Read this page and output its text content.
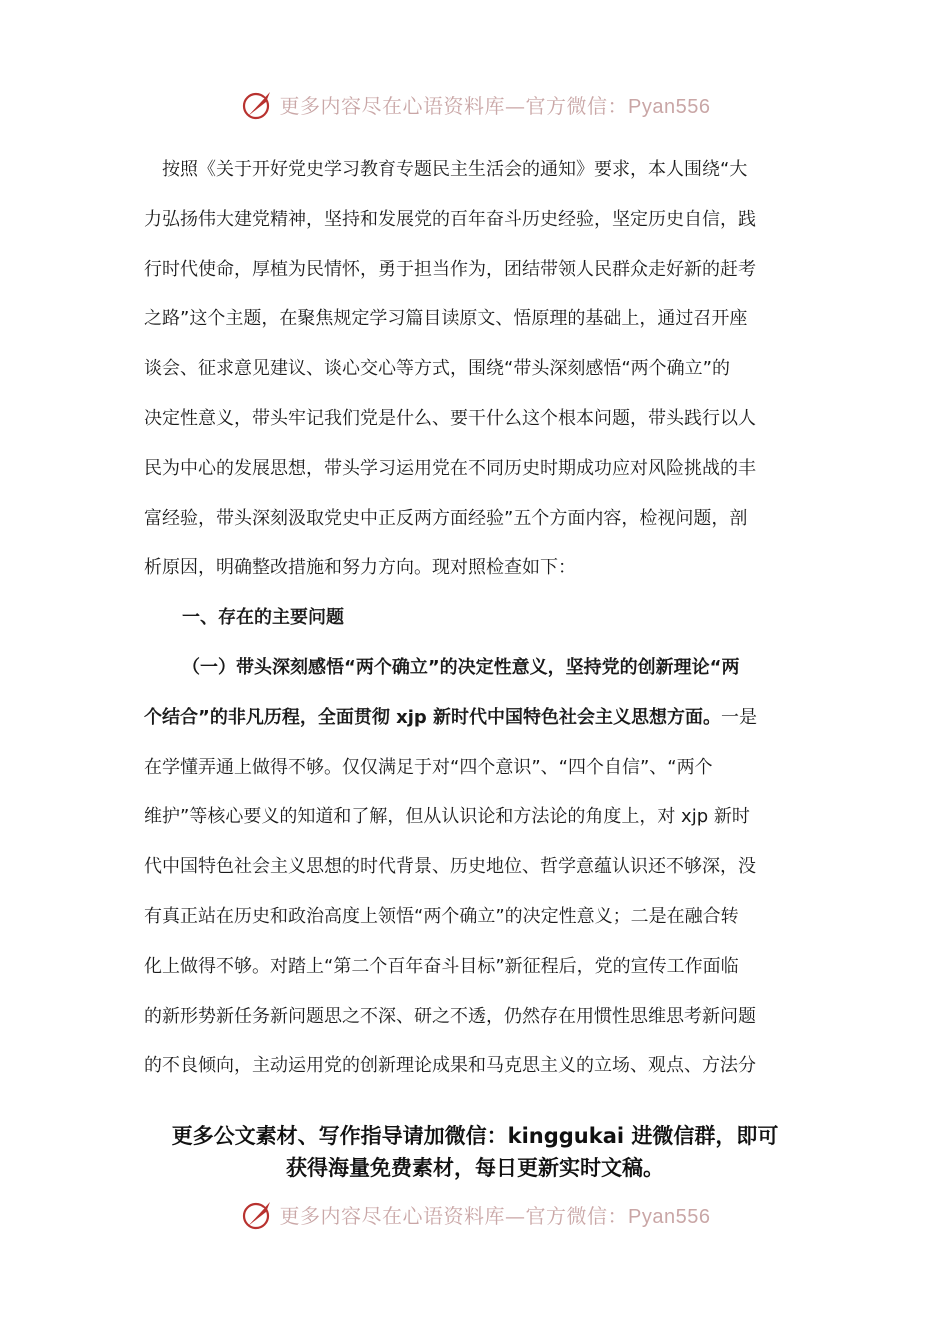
更多内容尽在心语资料库—官方微信：Pyan556

按照《关于开好党史学习教育专题民主生活会的通知》要求，本人围绕“大
力弘扬伟大建党精神，坚持和发展党的百年奋斗历史经验，坚定历史自信，践
行时代使命，厚植为民情怀，勇于担当作为，团结带领人民群众走好新的赶考
之路”这个主题，在聚焦规定学习篇目读原文、悟原理的基础上，通过召开座
谈会、征求意见建议、谈心交心等方式，围绕“带头深刻感悟“两个确立”的
决定性意义，带头牢记我们党是什么、要干什么这个根本问题，带头践行以人
民为中心的发展思想，带头学习运用党在不同历史时期成功应对风险挑战的丰
富经验，带头深刻汲取党史中正反两方面经验”五个方面内容，检视问题，剖
析原因，明确整改措施和努力方向。现对照检查如下：

一、存在的主要问题

（一）带头深刻感悟“两个确立”的决定性意义，坚持党的创新理论“两
个结合”的非凡历程，全面贯彻 xjp 新时代中国特色社会主义思想方面。一是
在学懂弄通上做得不够。仅仅满足于对“四个意识”、“四个自信”、“两个
维护”等核心要义的知道和了解，但从认识论和方法论的角度上，对 xjp 新时
代中国特色社会主义思想的时代背景、历史地位、哲学意蕴认识还不够深，没
有真正站在历史和政治高度上领悟“两个确立”的决定性意义；二是在融合转
化上做得不够。对踏上“第二个百年奋斗目标”新征程后，党的宣传工作面临
的新形势新任务新问题思之不深、研之不透，仍然存在用惯性思维思考新问题
的不良倾向，主动运用党的创新理论成果和马克思主义的立场、观点、方法分

更多公文素材、写作指导请加微信：kinggukai 进微信群，即可
获得海量免费素材，每日更新实时文稿。
更多内容尽在心语资料库—官方微信：Pyan556
